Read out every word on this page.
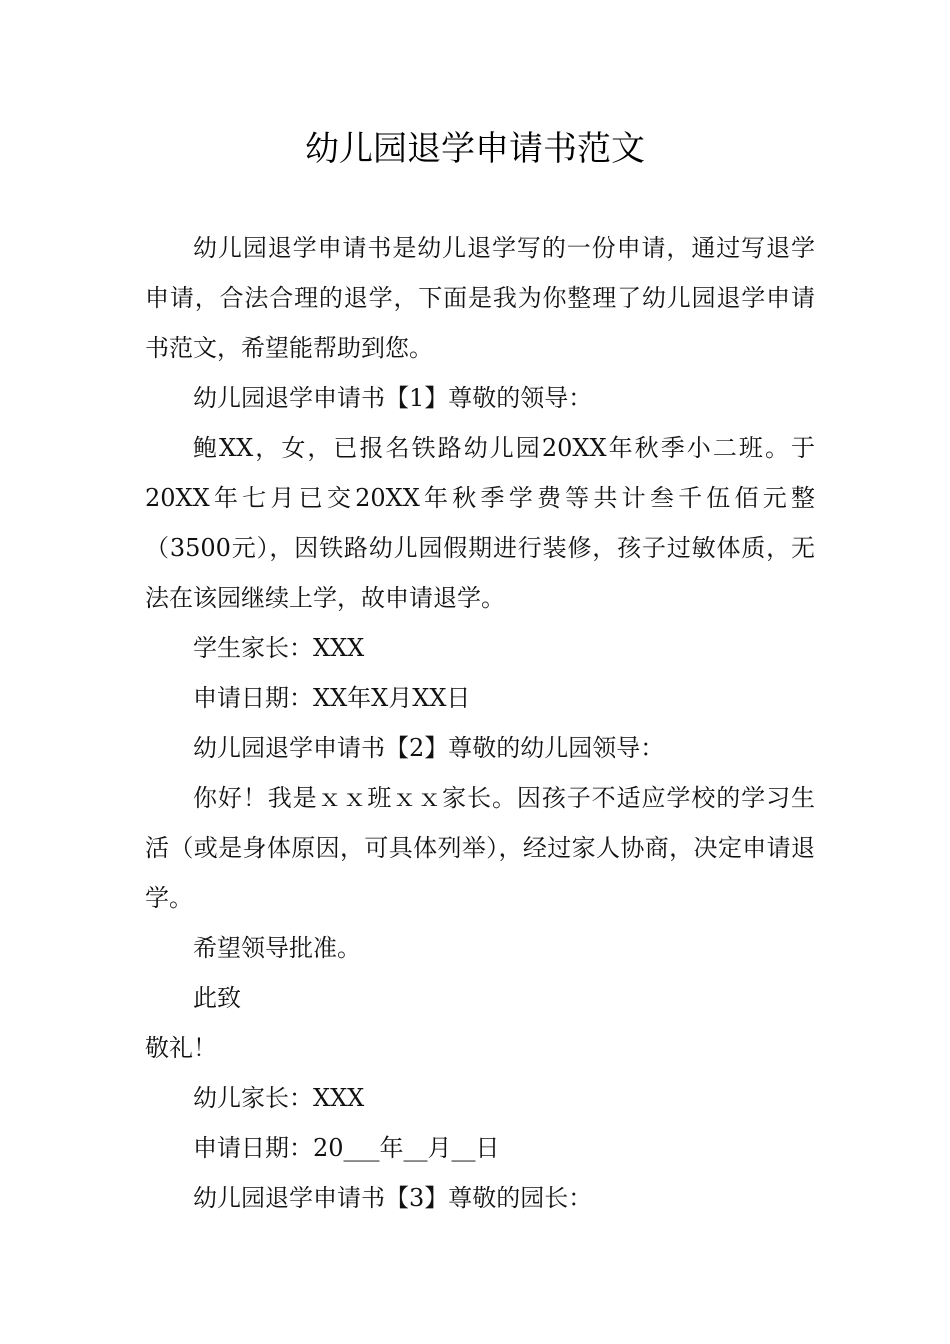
幼儿园退学申请书范文

幼儿园退学申请书是幼儿退学写的一份申请，通过写退学申请，合法合理的退学，下面是我为你整理了幼儿园退学申请书范文，希望能帮助到您。

幼儿园退学申请书【1】尊敬的领导：

鲍XX，女，已报名铁路幼儿园20XX年秋季小二班。于20XX年七月已交20XX年秋季学费等共计叁千伍佰元整（3500元），因铁路幼儿园假期进行装修，孩子过敏体质，无法在该园继续上学，故申请退学。

学生家长：XXX

申请日期：XX年X月XX日

幼儿园退学申请书【2】尊敬的幼儿园领导：

你好！我是ｘｘ班ｘｘ家长。因孩子不适应学校的学习生活（或是身体原因，可具体列举），经过家人协商，决定申请退学。

希望领导批准。

此致

敬礼！

幼儿家长：XXX

申请日期：20___年__月__日

幼儿园退学申请书【3】尊敬的园长：
